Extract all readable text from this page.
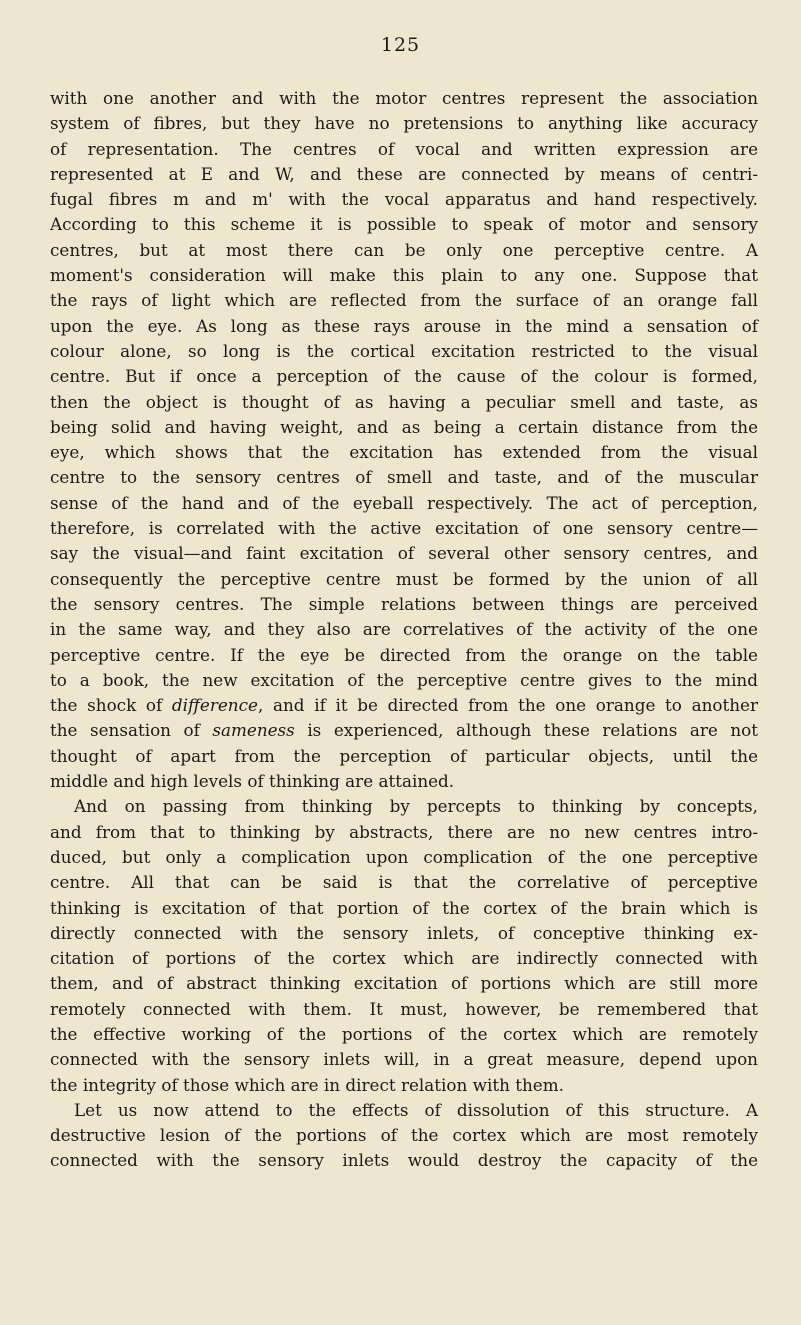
125
with one another and with the motor centres represent the association
system of fibres, but they have no pretensions to anything like accuracy
of representation. The centres of vocal and written expression are
represented at E and W, and these are connected by means of centri-
fugal fibres m and m' with the vocal apparatus and hand respectively.
According to this scheme it is possible to speak of motor and sensory
centres, but at most there can be only one perceptive centre. A
moment's consideration will make this plain to any one. Suppose that
the rays of light which are reflected from the surface of an orange fall
upon the eye. As long as these rays arouse in the mind a sensation of
colour alone, so long is the cortical excitation restricted to the visual
centre. But if once a perception of the cause of the colour is formed,
then the object is thought of as having a peculiar smell and taste, as
being solid and having weight, and as being a certain distance from the
eye, which shows that the excitation has extended from the visual
centre to the sensory centres of smell and taste, and of the muscular
sense of the hand and of the eyeball respectively. The act of perception,
therefore, is correlated with the active excitation of one sensory centre—
say the visual—and faint excitation of several other sensory centres, and
consequently the perceptive centre must be formed by the union of all
the sensory centres. The simple relations between things are perceived
in the same way, and they also are correlatives of the activity of the one
perceptive centre. If the eye be directed from the orange on the table
to a book, the new excitation of the perceptive centre gives to the mind
the shock of difference, and if it be directed from the one orange to another
the sensation of sameness is experienced, although these relations are not
thought of apart from the perception of particular objects, until the
middle and high levels of thinking are attained.
And on passing from thinking by percepts to thinking by concepts,
and from that to thinking by abstracts, there are no new centres intro-
duced, but only a complication upon complication of the one perceptive
centre. All that can be said is that the correlative of perceptive
thinking is excitation of that portion of the cortex of the brain which is
directly connected with the sensory inlets, of conceptive thinking ex-
citation of portions of the cortex which are indirectly connected with
them, and of abstract thinking excitation of portions which are still more
remotely connected with them. It must, however, be remembered that
the effective working of the portions of the cortex which are remotely
connected with the sensory inlets will, in a great measure, depend upon
the integrity of those which are in direct relation with them.
Let us now attend to the effects of dissolution of this structure. A
destructive lesion of the portions of the cortex which are most remotely
connected with the sensory inlets would destroy the capacity of the
